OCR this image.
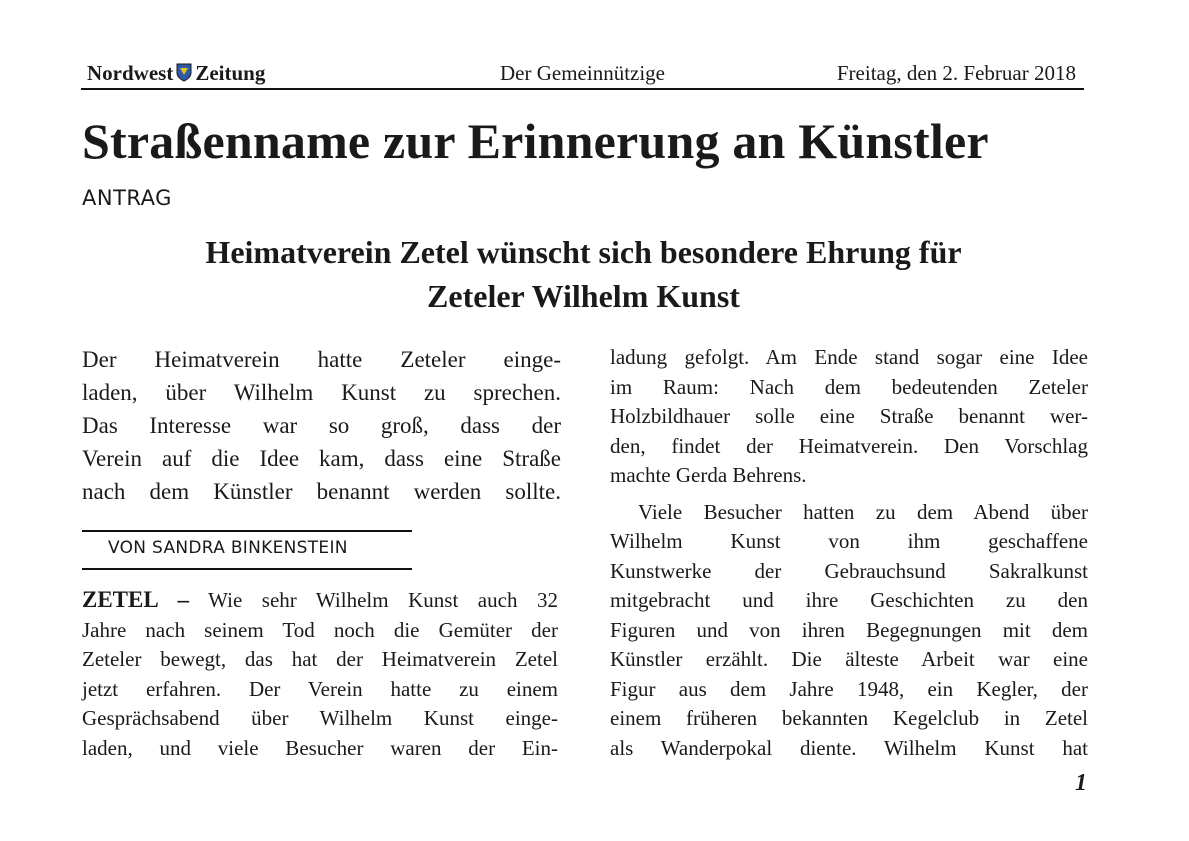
Nordwest Zeitung	Der Gemeinnützige	Freitag, den 2. Februar 2018
Straßenname zur Erinnerung an Künstler
ANTRAG
Heimatverein Zetel wünscht sich besondere Ehrung für
Zeteler Wilhelm Kunst
Der Heimatverein hatte Zeteler einge-
laden, über Wilhelm Kunst zu sprechen.
Das Interesse war so groß, dass der
Verein auf die Idee kam, dass eine Straße
nach dem Künstler benannt werden sollte.
VON SANDRA BINKENSTEIN
ZETEL – Wie sehr Wilhelm Kunst auch 32
Jahre nach seinem Tod noch die Gemüter der
Zeteler bewegt, das hat der Heimatverein Zetel
jetzt erfahren. Der Verein hatte zu einem
Gesprächsabend über Wilhelm Kunst einge-
laden, und viele Besucher waren der Ein-
ladung gefolgt. Am Ende stand sogar eine Idee
im Raum: Nach dem bedeutenden Zeteler
Holzbildhauer solle eine Straße benannt wer-
den, findet der Heimatverein. Den Vorschlag
machte Gerda Behrens.
Viele Besucher hatten zu dem Abend über
Wilhelm Kunst von ihm geschaffene
Kunstwerke der Gebrauchsund Sakralkunst
mitgebracht und ihre Geschichten zu den
Figuren und von ihren Begegnungen mit dem
Künstler erzählt. Die älteste Arbeit war eine
Figur aus dem Jahre 1948, ein Kegler, der
einem früheren bekannten Kegelclub in Zetel
als Wanderpokal diente. Wilhelm Kunst hat
1
